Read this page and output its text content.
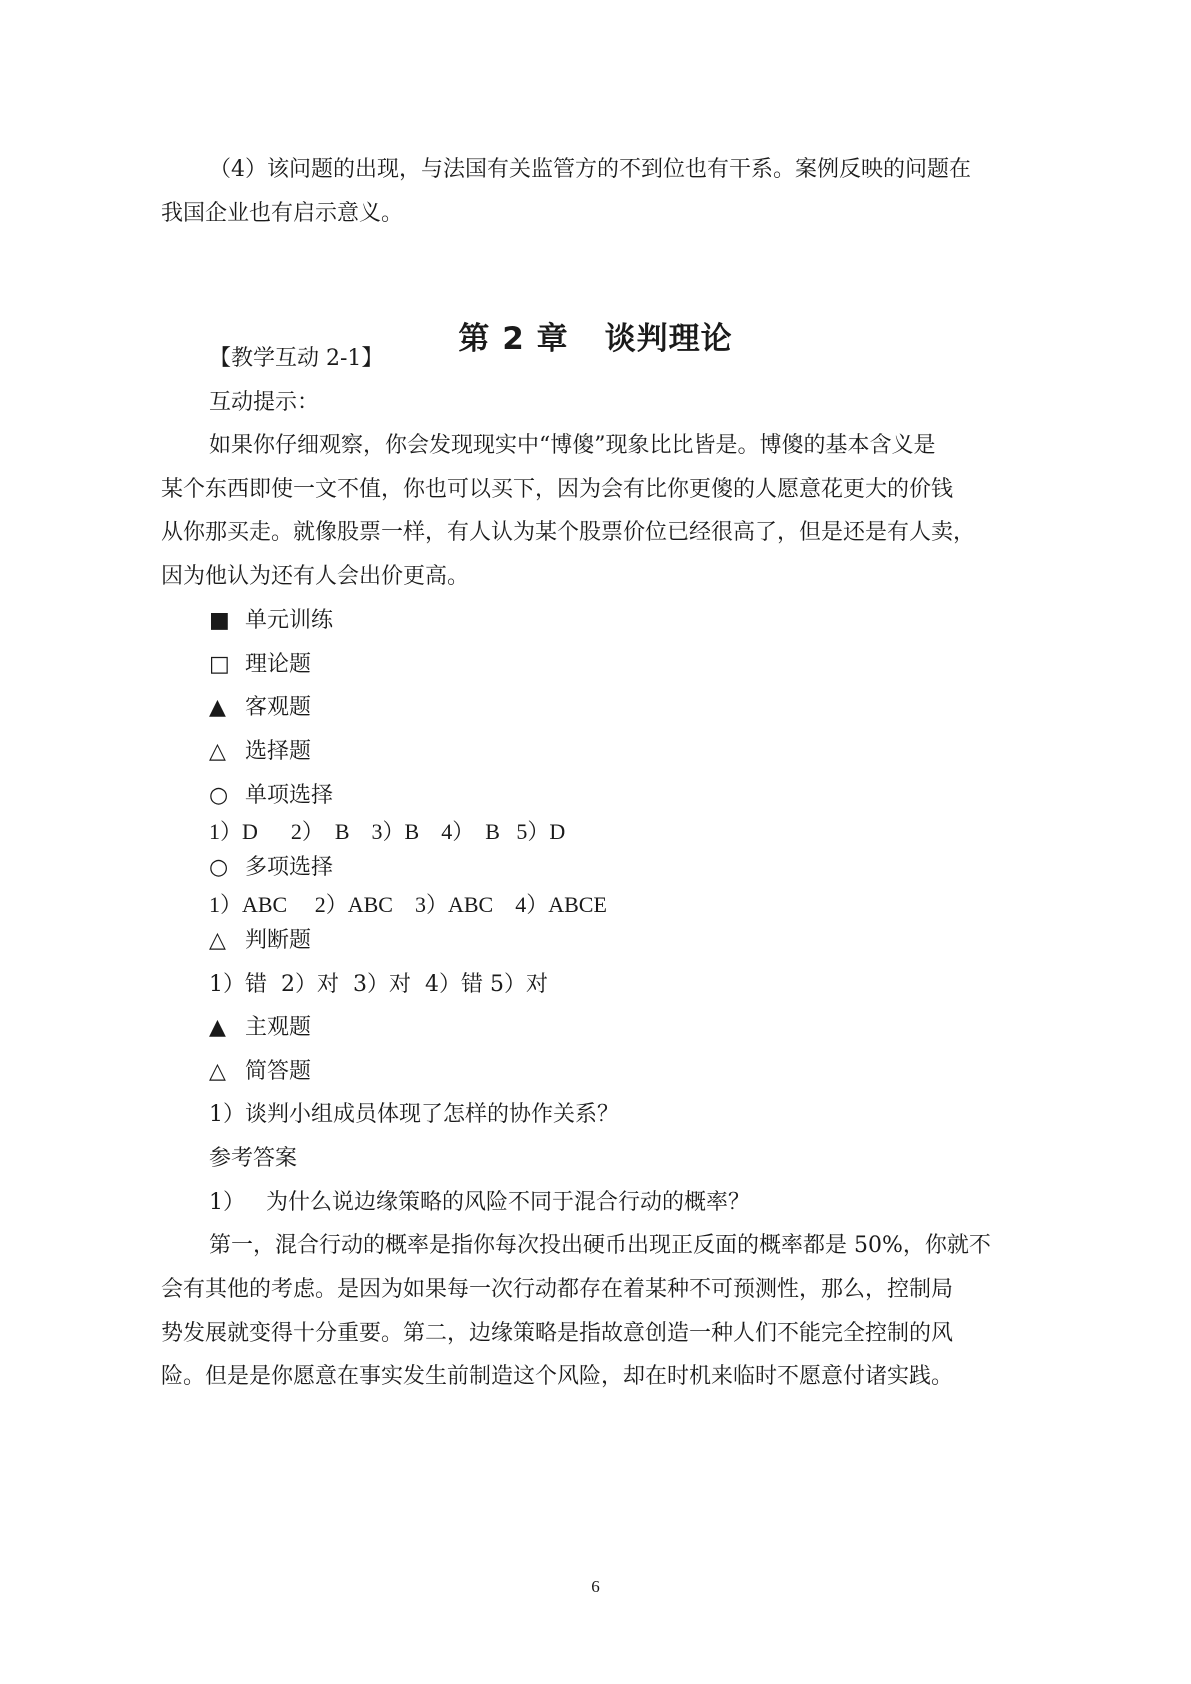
（4）该问题的出现，与法国有关监管方的不到位也有干系。案例反映的问题在
我国企业也有启示意义。
第 2 章 谈判理论
【教学互动 2-1】
互动提示：
如果你仔细观察，你会发现现实中“博傻”现象比比皆是。博傻的基本含义是
某个东西即使一文不值，你也可以买下，因为会有比你更傻的人愿意花更大的价钱
从你那买走。就像股票一样，有人认为某个股票价位已经很高了，但是还是有人卖，
因为他认为还有人会出价更高。
■ 单元训练
□ 理论题
▲ 客观题
△ 选择题
○ 单项选择
1）D      2）  B    3）B    4）  B   5）D
○ 多项选择
1）ABC     2）ABC    3）ABC    4）ABCE
△ 判断题
1）错  2）对  3）对  4）错 5）对
▲ 主观题
△ 简答题
1）谈判小组成员体现了怎样的协作关系？
参考答案
1）   为什么说边缘策略的风险不同于混合行动的概率？
第一，混合行动的概率是指你每次投出硬币出现正反面的概率都是 50%，你就不
会有其他的考虑。是因为如果每一次行动都存在着某种不可预测性，那么，控制局
势发展就变得十分重要。第二，边缘策略是指故意创造一种人们不能完全控制的风
险。但是是你愿意在事实发生前制造这个风险，却在时机来临时不愿意付诸实践。
6
